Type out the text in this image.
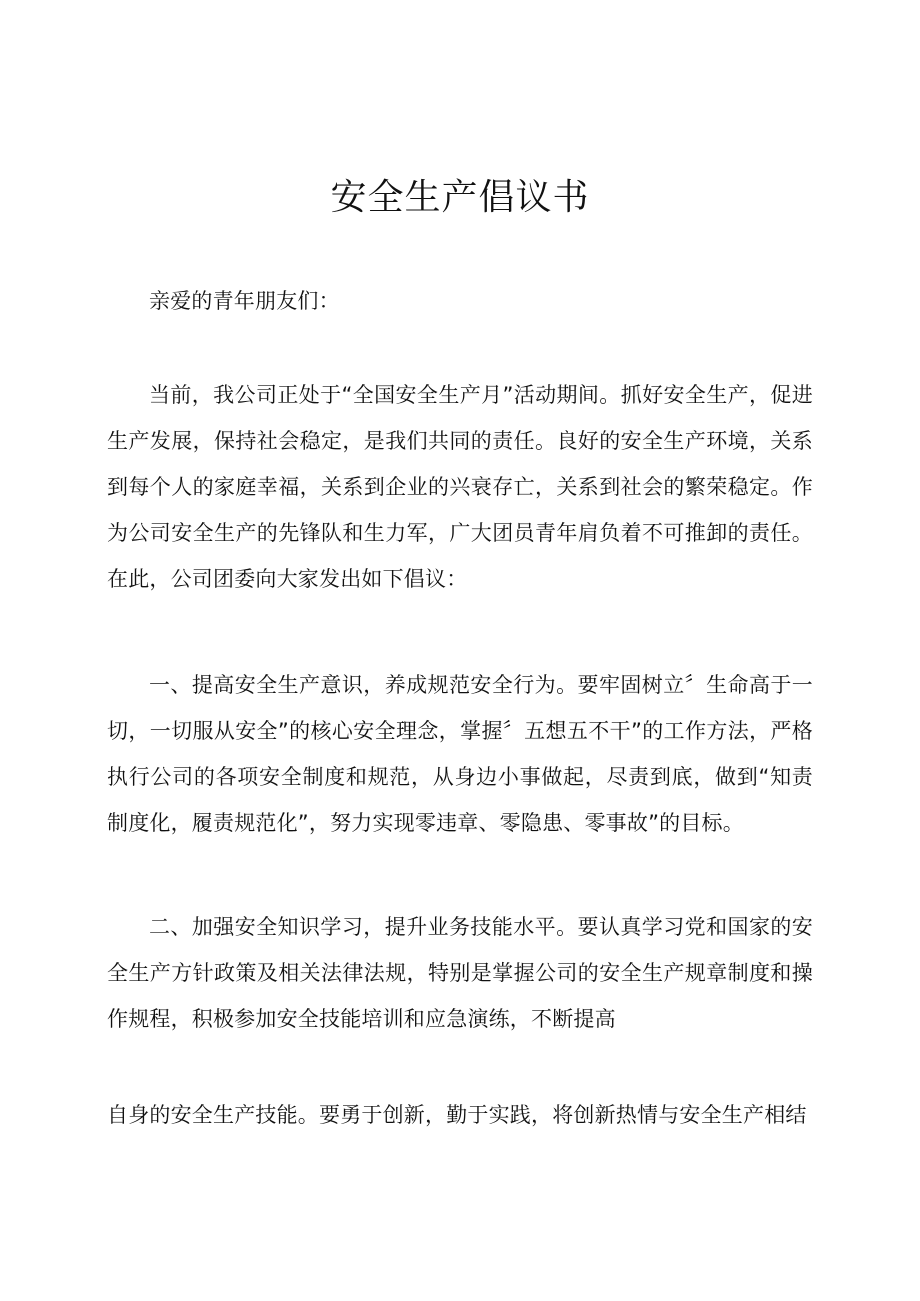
安全生产倡议书

亲爱的青年朋友们：

当前，我公司正处于“全国安全生产月”活动期间。抓好安全生产，促进生产发展，保持社会稳定，是我们共同的责任。良好的安全生产环境，关系到每个人的家庭幸福，关系到企业的兴衰存亡，关系到社会的繁荣稳定。作为公司安全生产的先锋队和生力军，广大团员青年肩负着不可推卸的责任。在此，公司团委向大家发出如下倡议：

一、提高安全生产意识，养成规范安全行为。要牢固树立〞生命高于一切，一切服从安全”的核心安全理念，掌握〞五想五不干”的工作方法，严格执行公司的各项安全制度和规范，从身边小事做起，尽责到底，做到“知责制度化，履责规范化”，努力实现零违章、零隐患、零事故”的目标。

二、加强安全知识学习，提升业务技能水平。要认真学习党和国家的安全生产方针政策及相关法律法规，特别是掌握公司的安全生产规章制度和操作规程，积极参加安全技能培训和应急演练，不断提高

自身的安全生产技能。要勇于创新，勤于实践，将创新热情与安全生产相结
